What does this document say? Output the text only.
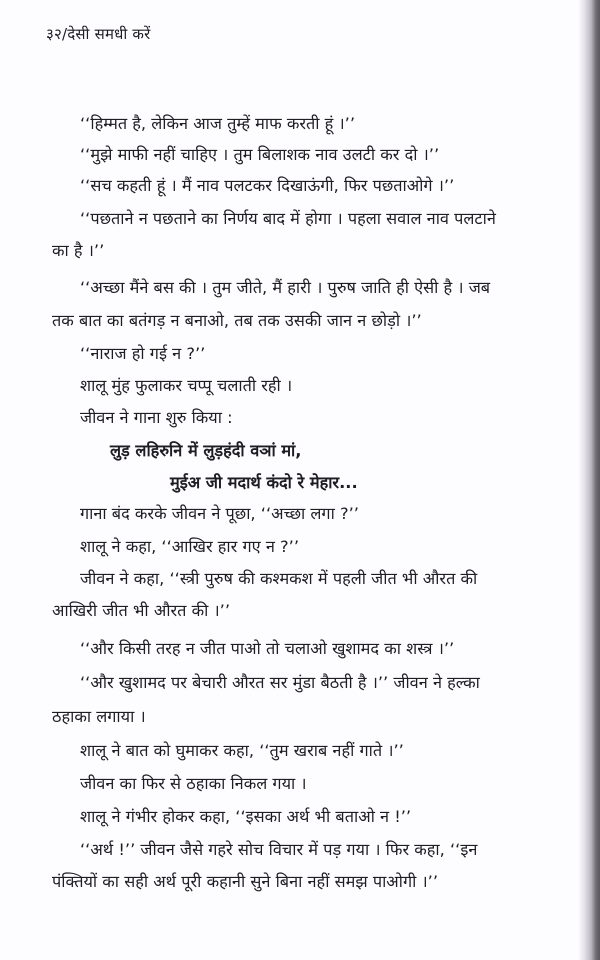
३२/देसी समधी करें
‘‘हिम्मत है, लेकिन आज तुम्हें माफ करती हूं ।’’
‘‘मुझे माफी नहीं चाहिए । तुम बिलाशक नाव उलटी कर दो ।’’
‘‘सच कहती हूं । मैं नाव पलटकर दिखाऊंगी, फिर पछताओगे ।’’
‘‘पछताने न पछताने का निर्णय बाद में होगा । पहला सवाल नाव पलटाने
का है ।’’
‘‘अच्छा मैंने बस की । तुम जीते, मैं हारी । पुरुष जाति ही ऐसी है । जब
तक बात का बतंगड़ न बनाओ, तब तक उसकी जान न छोड़ो ।’’
‘‘नाराज हो गई न ?’’
शालू मुंह फुलाकर चप्पू चलाती रही ।
जीवन ने गाना शुरु किया :
लुड़ लहिरुनि में लुड़हंदी वञां मां,
मुईअ जी मदार्थ कंदो रे मेहार...
गाना बंद करके जीवन ने पूछा, ‘‘अच्छा लगा ?’’
शालू ने कहा, ‘‘आखिर हार गए न ?’’
जीवन ने कहा, ‘‘स्त्री पुरुष की कश्मकश में पहली जीत भी औरत की
आखिरी जीत भी औरत की ।’’
‘‘और किसी तरह न जीत पाओ तो चलाओ खुशामद का शस्त्र ।’’
‘‘और खुशामद पर बेचारी औरत सर मुंडा बैठती है ।’’ जीवन ने हल्का
ठहाका लगाया ।
शालू ने बात को घुमाकर कहा, ‘‘तुम खराब नहीं गाते ।’’
जीवन का फिर से ठहाका निकल गया ।
शालू ने गंभीर होकर कहा, ‘‘इसका अर्थ भी बताओ न !’’
‘‘अर्थ !’’ जीवन जैसे गहरे सोच विचार में पड़ गया । फिर कहा, ‘‘इन
पंक्तियों का सही अर्थ पूरी कहानी सुने बिना नहीं समझ पाओगी ।’’
